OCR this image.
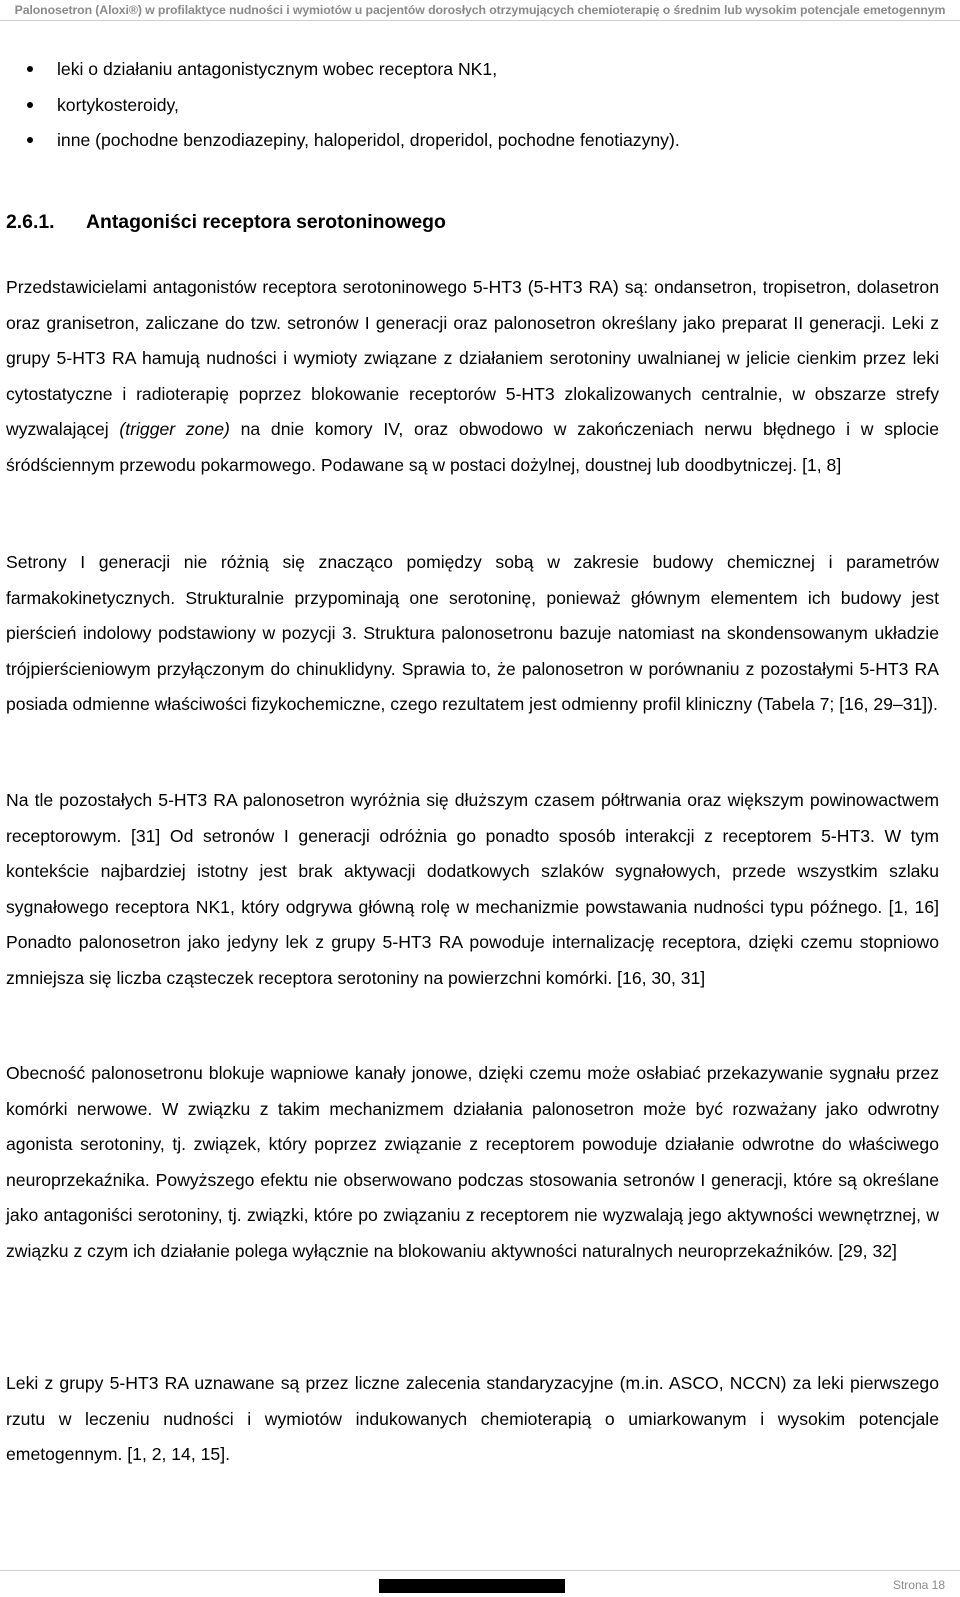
Palonosetron (Aloxi®) w profilaktyce nudności i wymiotów u pacjentów dorosłych otrzymujących chemioterapię o średnim lub wysokim potencjale emetogennym
leki o działaniu antagonistycznym wobec receptora NK1,
kortykosteroidy,
inne (pochodne benzodiazepiny, haloperidol, droperidol, pochodne fenotiazyny).
2.6.1. Antagoniści receptora serotoninowego

Przedstawicielami antagonistów receptora serotoninowego 5-HT3 (5-HT3 RA) są: ondansetron, tropisetron, dolasetron oraz granisetron, zaliczane do tzw. setronów I generacji oraz palonosetron określany jako preparat II generacji. Leki z grupy 5-HT3 RA hamują nudności i wymioty związane z działaniem serotoniny uwalnianej w jelicie cienkim przez leki cytostatyczne i radioterapię poprzez blokowanie receptorów 5-HT3 zlokalizowanych centralnie, w obszarze strefy wyzwalającej (trigger zone) na dnie komory IV, oraz obwodowo w zakończeniach nerwu błędnego i w splocie śródściennym przewodu pokarmowego. Podawane są w postaci dożylnej, doustnej lub doodbytniczej. [1, 8]

Setrony I generacji nie różnią się znacząco pomiędzy sobą w zakresie budowy chemicznej i parametrów farmakokinetycznych. Strukturalnie przypominają one serotoninę, ponieważ głównym elementem ich budowy jest pierścień indolowy podstawiony w pozycji 3. Struktura palonosetronu bazuje natomiast na skondensowanym układzie trójpierścieniowym przyłączonym do chinuklidyny. Sprawia to, że palonosetron w porównaniu z pozostałymi 5-HT3 RA posiada odmienne właściwości fizykochemiczne, czego rezultatem jest odmienny profil kliniczny (Tabela 7; [16, 29–31]).

Na tle pozostałych 5-HT3 RA palonosetron wyróżnia się dłuższym czasem półtrwania oraz większym powinowactwem receptorowym. [31] Od setronów I generacji odróżnia go ponadto sposób interakcji z receptorem 5-HT3. W tym kontekście najbardziej istotny jest brak aktywacji dodatkowych szlaków sygnałowych, przede wszystkim szlaku sygnałowego receptora NK1, który odgrywa główną rolę w mechanizmie powstawania nudności typu późnego. [1, 16] Ponadto palonosetron jako jedyny lek z grupy 5-HT3 RA powoduje internalizację receptora, dzięki czemu stopniowo zmniejsza się liczba cząsteczek receptora serotoniny na powierzchni komórki. [16, 30, 31]

Obecność palonosetronu blokuje wapniowe kanały jonowe, dzięki czemu może osłabiać przekazywanie sygnału przez komórki nerwowe. W związku z takim mechanizmem działania palonosetron może być rozważany jako odwrotny agonista serotoniny, tj. związek, który poprzez związanie z receptorem powoduje działanie odwrotne do właściwego neuroprzekaźnika. Powyższego efektu nie obserwowano podczas stosowania setronów I generacji, które są określane jako antagoniści serotoniny, tj. związki, które po związaniu z receptorem nie wyzwalają jego aktywności wewnętrznej, w związku z czym ich działanie polega wyłącznie na blokowaniu aktywności naturalnych neuroprzekaźników. [29, 32]

Leki z grupy 5-HT3 RA uznawane są przez liczne zalecenia standaryzacyjne (m.in. ASCO, NCCN) za leki pierwszego rzutu w leczeniu nudności i wymiotów indukowanych chemioterapią o umiarkowanym i wysokim potencjale emetogennym. [1, 2, 14, 15].

Strona 18
